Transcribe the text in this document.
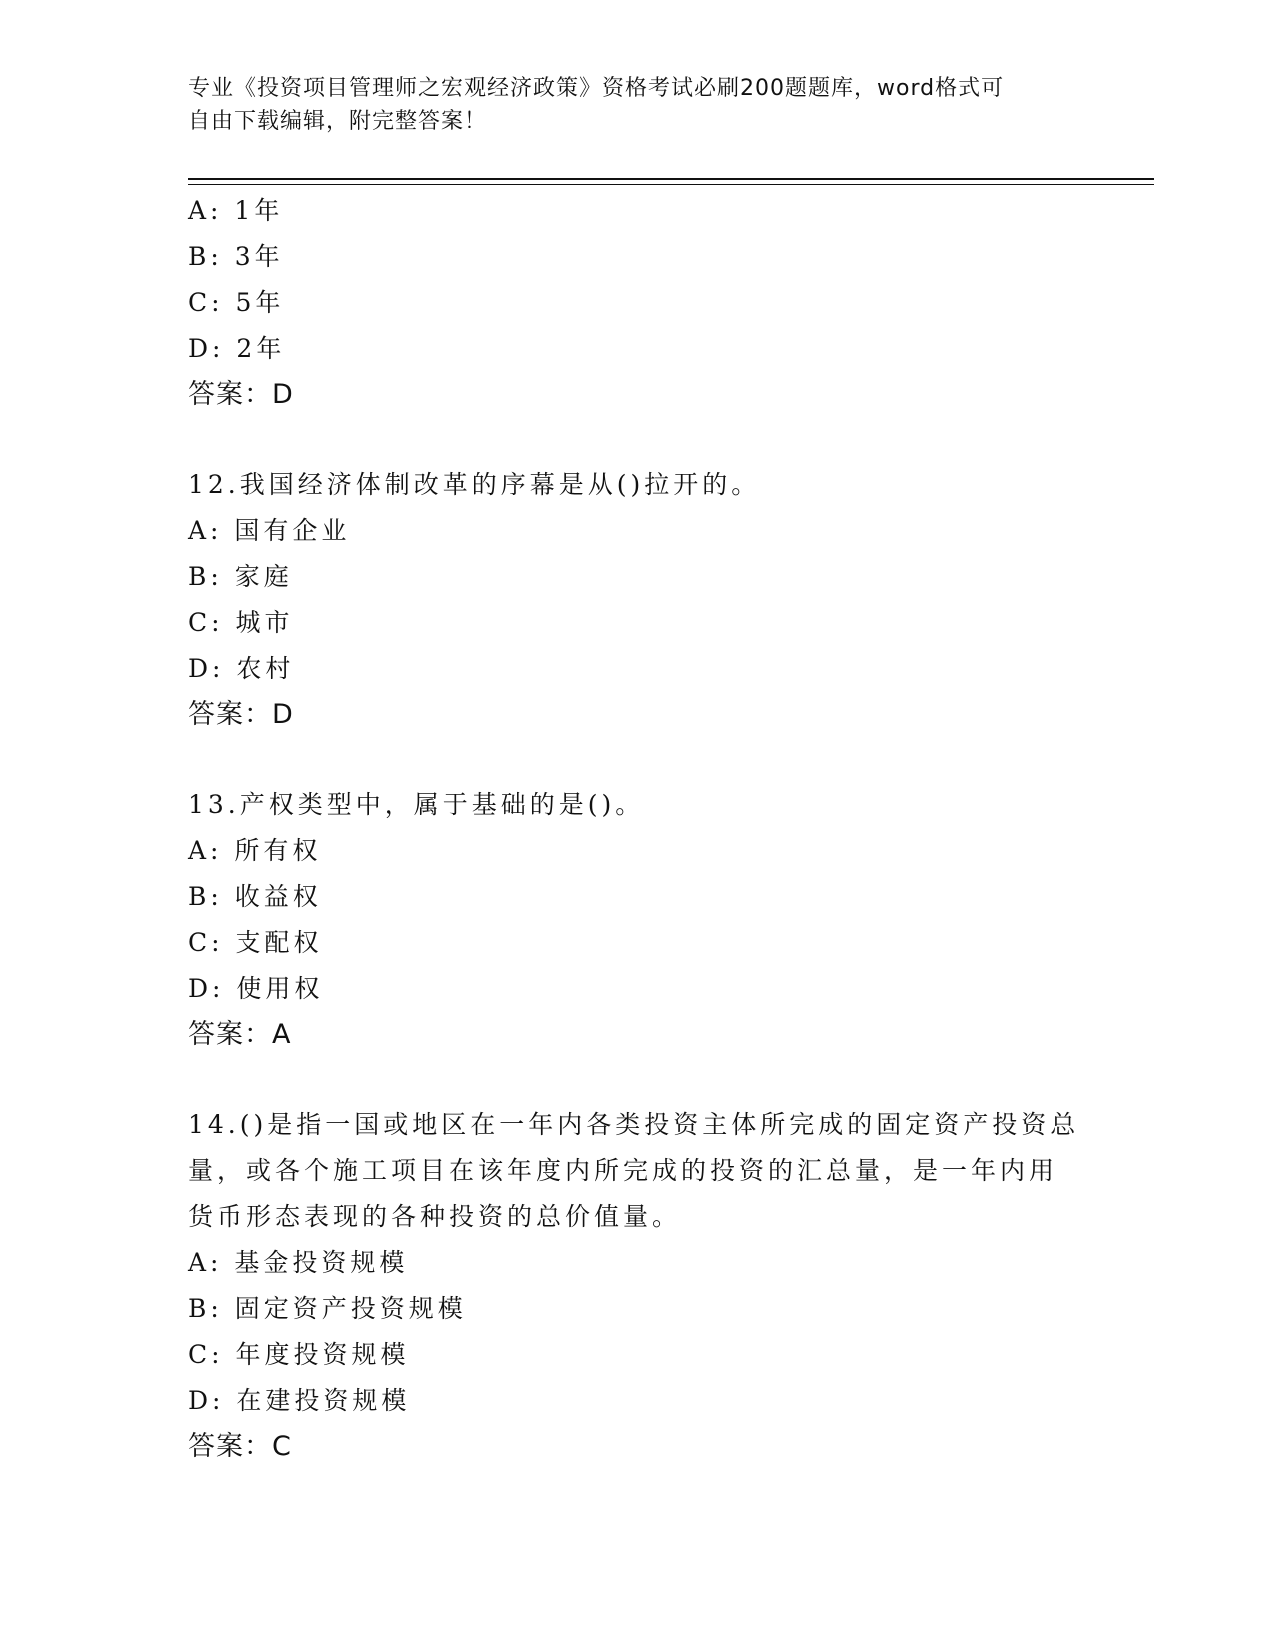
专业《投资项目管理师之宏观经济政策》资格考试必刷200题题库，word格式可
自由下载编辑，附完整答案！
A: 1年
B: 3年
C: 5年
D: 2年
答案：D
12.我国经济体制改革的序幕是从()拉开的。
A: 国有企业
B: 家庭
C: 城市
D: 农村
答案：D
13.产权类型中，属于基础的是()。
A: 所有权
B: 收益权
C: 支配权
D: 使用权
答案：A
14.()是指一国或地区在一年内各类投资主体所完成的固定资产投资总
量，或各个施工项目在该年度内所完成的投资的汇总量，是一年内用
货币形态表现的各种投资的总价值量。
A: 基金投资规模
B: 固定资产投资规模
C: 年度投资规模
D: 在建投资规模
答案：C
